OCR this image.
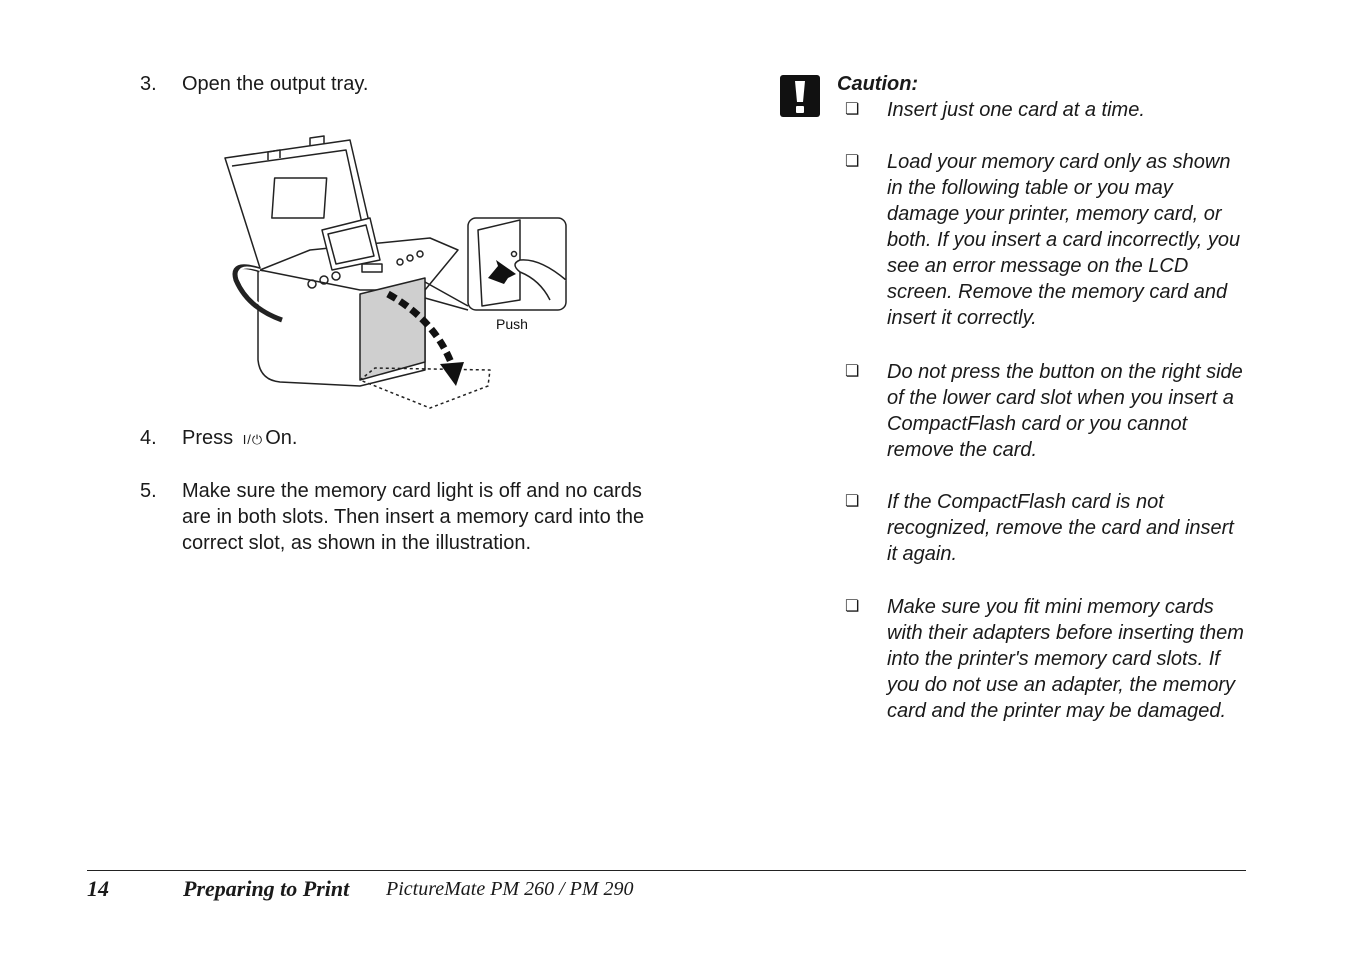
3.	Open the output tray.
Push
4.	Press I/⏻ On.
5.	Make sure the memory card light is off and no cards are in both slots. Then insert a memory card into the correct slot, as shown in the illustration.
Caution:
❏ Insert just one card at a time.
❏ Load your memory card only as shown in the following table or you may damage your printer, memory card, or both. If you insert a card incorrectly, you see an error message on the LCD screen. Remove the memory card and insert it correctly.
❏ Do not press the button on the right side of the lower card slot when you insert a CompactFlash card or you cannot remove the card.
❏ If the CompactFlash card is not recognized, remove the card and insert it again.
❏ Make sure you fit mini memory cards with their adapters before inserting them into the printer's memory card slots. If you do not use an adapter, the memory card and the printer may be damaged.
14	Preparing to Print PictureMate PM 260 / PM 290
